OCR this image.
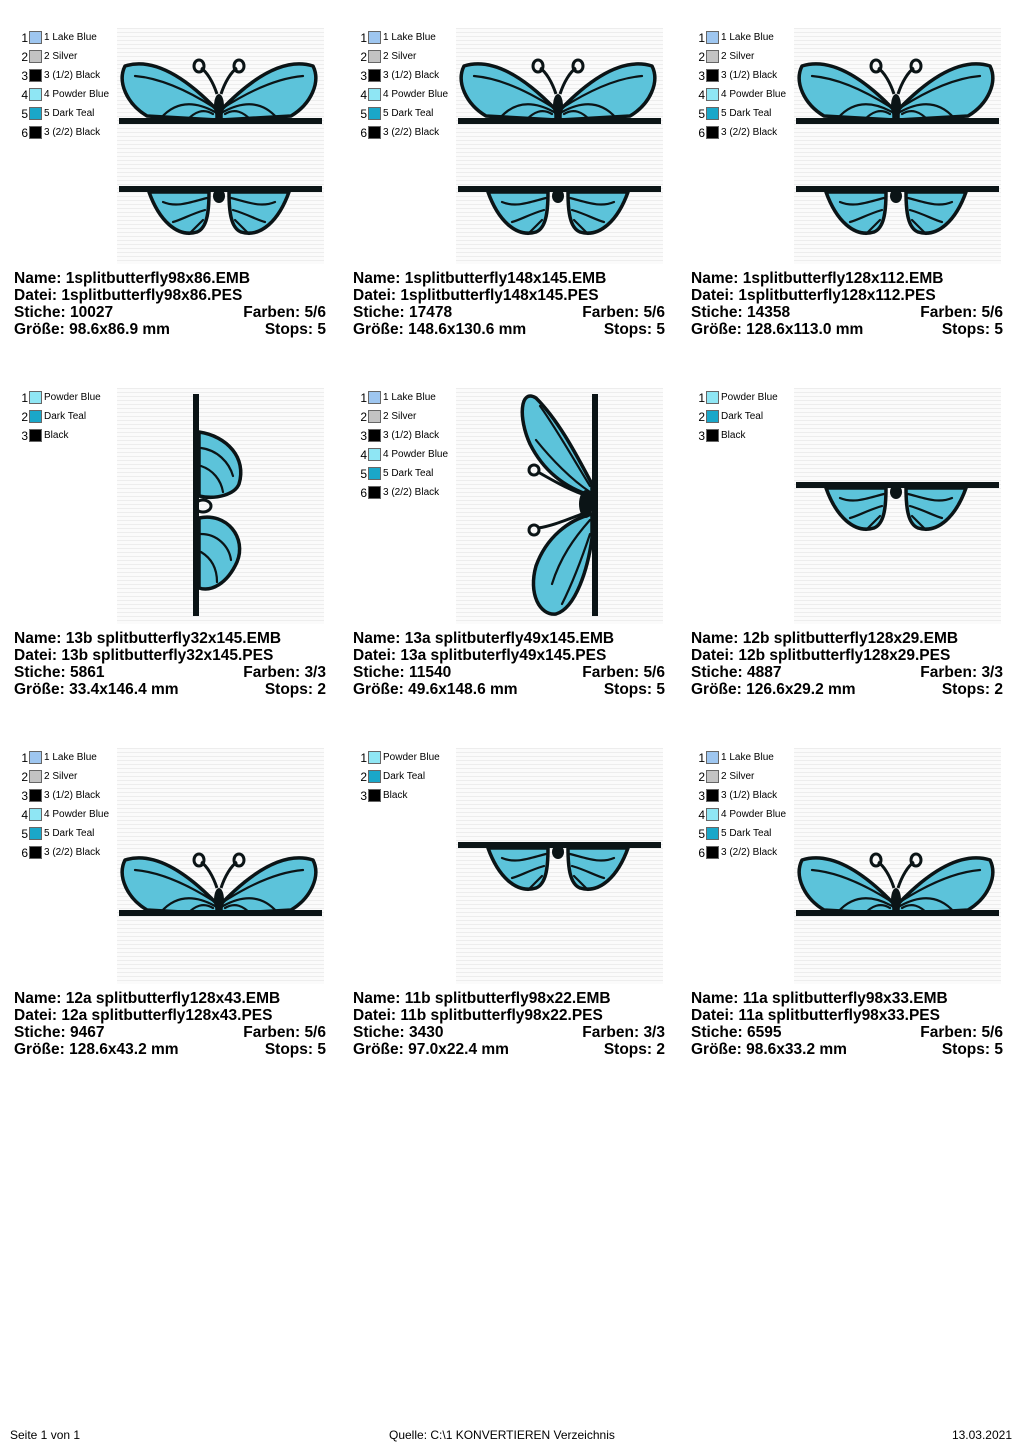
1 1 Lake Blue
2 2 Silver
3 3 (1/2) Black
4 4 Powder Blue
5 5 Dark Teal
6 3 (2/2) Black
Name: 1splitbutterfly98x86.EMB
Datei: 1splitbutterfly98x86.PES
Stiche: 10027	Farben: 5/6
Größe: 98.6x86.9 mm	Stops: 5
1 1 Lake Blue
2 2 Silver
3 3 (1/2) Black
4 4 Powder Blue
5 5 Dark Teal
6 3 (2/2) Black
Name: 1splitbutterfly148x145.EMB
Datei: 1splitbutterfly148x145.PES
Stiche: 17478	Farben: 5/6
Größe: 148.6x130.6 mm	Stops: 5
1 1 Lake Blue
2 2 Silver
3 3 (1/2) Black
4 4 Powder Blue
5 5 Dark Teal
6 3 (2/2) Black
Name: 1splitbutterfly128x112.EMB
Datei: 1splitbutterfly128x112.PES
Stiche: 14358	Farben: 5/6
Größe: 128.6x113.0 mm	Stops: 5
1 Powder Blue
2 Dark Teal
3 Black
Name: 13b splitbutterfly32x145.EMB
Datei: 13b splitbutterfly32x145.PES
Stiche: 5861	Farben: 3/3
Größe: 33.4x146.4 mm	Stops: 2
1 1 Lake Blue
2 2 Silver
3 3 (1/2) Black
4 4 Powder Blue
5 5 Dark Teal
6 3 (2/2) Black
Name: 13a splitbuterfly49x145.EMB
Datei: 13a splitbuterfly49x145.PES
Stiche: 11540	Farben: 5/6
Größe: 49.6x148.6 mm	Stops: 5
1 Powder Blue
2 Dark Teal
3 Black
Name: 12b splitbutterfly128x29.EMB
Datei: 12b splitbutterfly128x29.PES
Stiche: 4887	Farben: 3/3
Größe: 126.6x29.2 mm	Stops: 2
1 1 Lake Blue
2 2 Silver
3 3 (1/2) Black
4 4 Powder Blue
5 5 Dark Teal
6 3 (2/2) Black
Name: 12a splitbutterfly128x43.EMB
Datei: 12a splitbutterfly128x43.PES
Stiche: 9467	Farben: 5/6
Größe: 128.6x43.2 mm	Stops: 5
1 Powder Blue
2 Dark Teal
3 Black
Name: 11b splitbutterfly98x22.EMB
Datei: 11b splitbutterfly98x22.PES
Stiche: 3430	Farben: 3/3
Größe: 97.0x22.4 mm	Stops: 2
1 1 Lake Blue
2 2 Silver
3 3 (1/2) Black
4 4 Powder Blue
5 5 Dark Teal
6 3 (2/2) Black
Name: 11a splitbutterfly98x33.EMB
Datei: 11a splitbutterfly98x33.PES
Stiche: 6595	Farben: 5/6
Größe: 98.6x33.2 mm	Stops: 5
Seite 1 von 1	Quelle: C:\1 KONVERTIEREN Verzeichnis	13.03.2021
